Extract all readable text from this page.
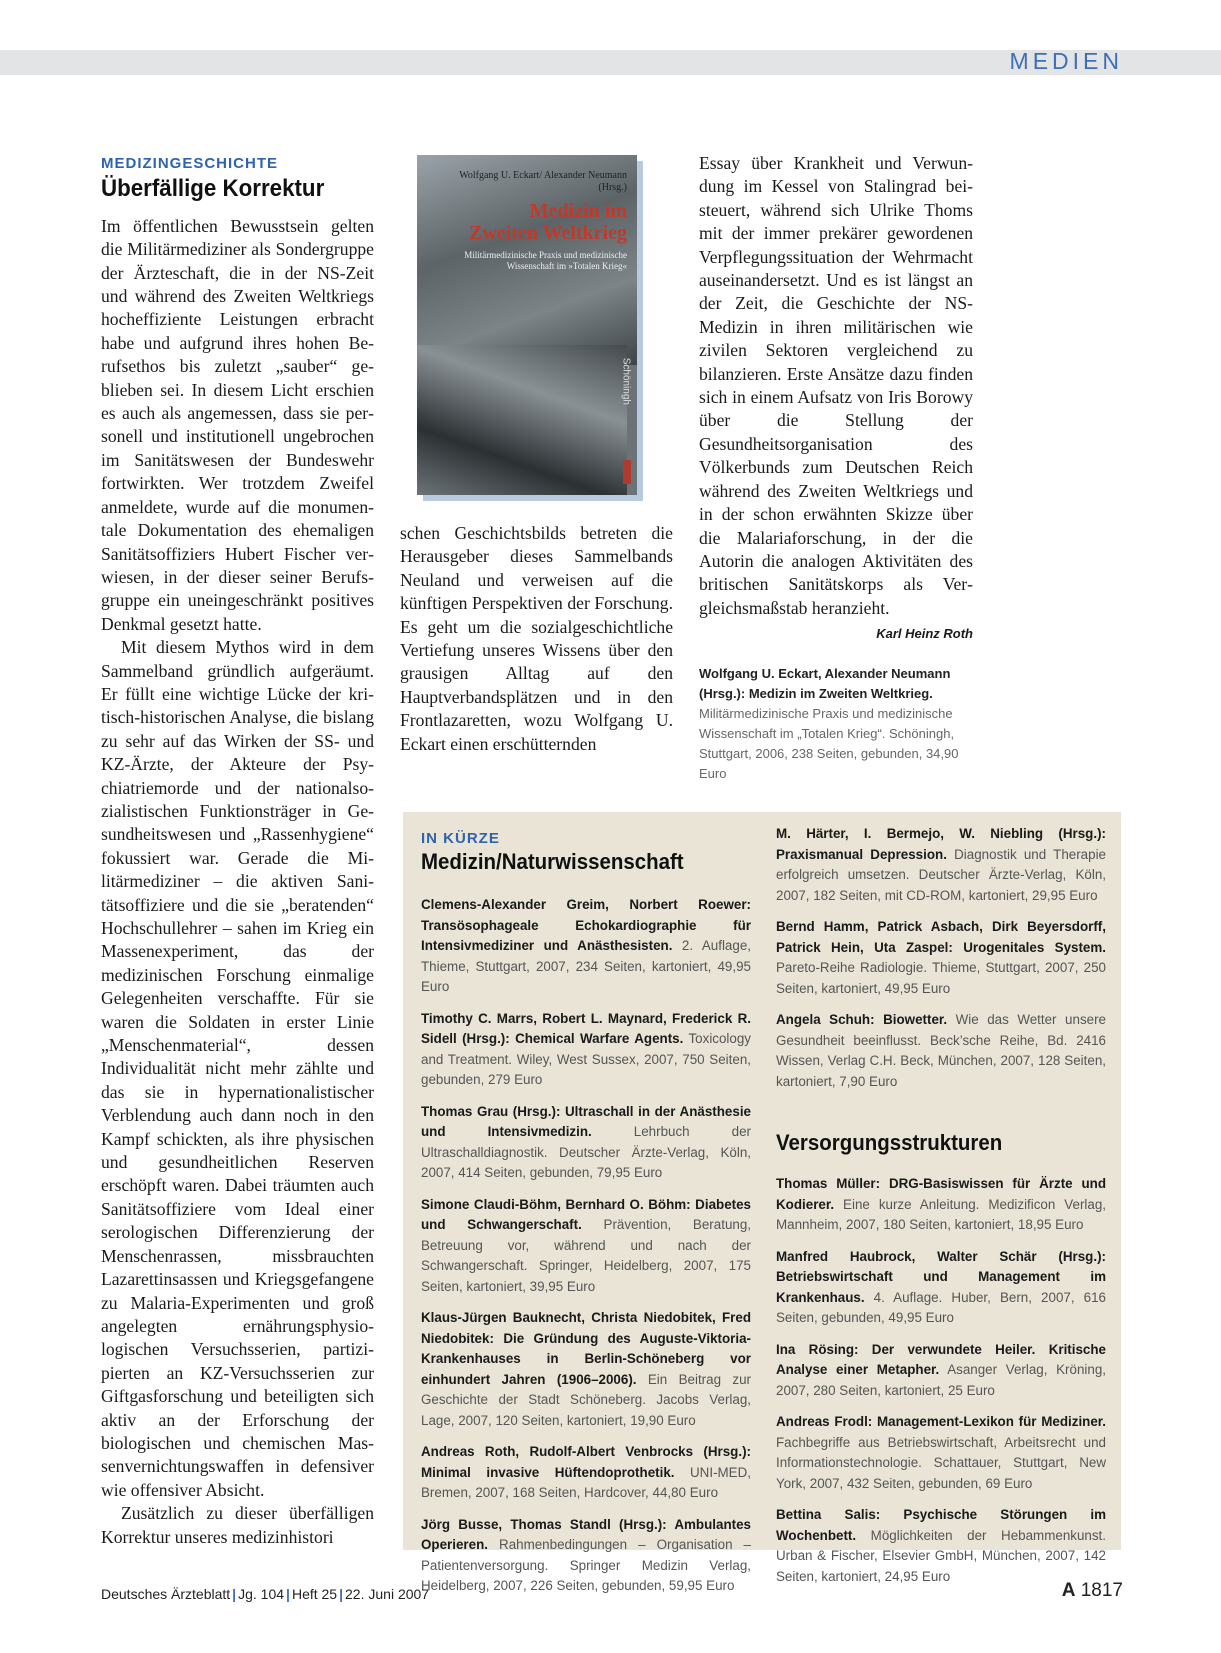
MEDIEN
MEDIZINGESCHICHTE
Überfällige Korrektur

Im öffentlichen Bewusstsein gelten die Militärmediziner als Sondergruppe der Ärzteschaft, die in der NS-Zeit und während des Zweiten Weltkriegs hocheffiziente Leistungen erbracht habe und aufgrund ihres hohen Berufsethos bis zuletzt „sauber“ geblieben sei. In diesem Licht erschien es auch als angemessen, dass sie personell und institutionell ungebrochen im Sanitätswesen der Bundeswehr fortwirkten. Wer trotzdem Zweifel anmeldete, wurde auf die monumentale Dokumentation des ehemaligen Sanitätsoffiziers Hubert Fischer verwiesen, in der dieser seiner Berufsgruppe ein uneingeschränkt positives Denkmal gesetzt hatte.

Mit diesem Mythos wird in dem Sammelband gründlich aufgeräumt. Er füllt eine wichtige Lücke der kritisch-historischen Analyse, die bislang zu sehr auf das Wirken der SS- und KZ-Ärzte, der Akteure der Psychiatriemorde und der nationalsozialistischen Funktionsträger in Gesundheitswesen und „Rassenhygiene“ fokussiert war. Gerade die Militärmediziner – die aktiven Sanitätsoffiziere und die sie „beratenden“ Hochschullehrer – sahen im Krieg ein Massenexperiment, das der medizinischen Forschung einmalige Gelegenheiten verschaffte. Für sie waren die Soldaten in erster Linie „Menschenmaterial“, dessen Individualität nicht mehr zählte und das sie in hypernationalistischer Verblendung auch dann noch in den Kampf schickten, als ihre physischen und gesundheitlichen Reserven erschöpft waren. Dabei träumten auch Sanitätsoffiziere vom Ideal einer serologischen Differenzierung der Menschenrassen, missbrauchten Lazarettinsassen und Kriegsgefangene zu Malaria-Experimenten und groß angelegten ernährungsphysiologischen Versuchsserien, partizipierten an KZ-Versuchsserien zur Giftgasforschung und beteiligten sich aktiv an der Erforschung der biologischen und chemischen Massenvernichtungswaffen in defensiver wie offensiver Absicht.

Zusätzlich zu dieser überfälligen Korrektur unseres medizinhistori

Wolfgang U. Eckart/ Alexander Neumann (Hrsg.)
Medizin im Zweiten Weltkrieg
Militärmedizinische Praxis und medizinische Wissenschaft im »Totalen Krieg«
Schöningh

schen Geschichtsbilds betreten die Herausgeber dieses Sammelbands Neuland und verweisen auf die künftigen Perspektiven der Forschung. Es geht um die sozialgeschichtliche Vertiefung unseres Wissens über den grausigen Alltag auf den Hauptverbandsplätzen und in den Frontlazaretten, wozu Wolfgang U. Eckart einen erschütternden

Essay über Krankheit und Verwundung im Kessel von Stalingrad beisteuert, während sich Ulrike Thoms mit der immer prekärer gewordenen Verpflegungssituation der Wehrmacht auseinandersetzt. Und es ist längst an der Zeit, die Geschichte der NS-Medizin in ihren militärischen wie zivilen Sektoren vergleichend zu bilanzieren. Erste Ansätze dazu finden sich in einem Aufsatz von Iris Borowy über die Stellung der Gesundheitsorganisation des Völkerbunds zum Deutschen Reich während des Zweiten Weltkriegs und in der schon erwähnten Skizze über die Malariaforschung, in der die Autorin die analogen Aktivitäten des britischen Sanitätskorps als Vergleichsmaßstab heranzieht.

Karl Heinz Roth
Wolfgang U. Eckart, Alexander Neumann (Hrsg.): Medizin im Zweiten Weltkrieg. Militärmedizinische Praxis und medizinische Wissenschaft im „Totalen Krieg“. Schöningh, Stuttgart, 2006, 238 Seiten, gebunden, 34,90 Euro
IN KÜRZE
Medizin/Naturwissenschaft
Clemens-Alexander Greim, Norbert Roewer: Transösophageale Echokardiographie für Intensivmediziner und Anästhesisten. 2. Auflage, Thieme, Stuttgart, 2007, 234 Seiten, kartoniert, 49,95 Euro
Timothy C. Marrs, Robert L. Maynard, Frederick R. Sidell (Hrsg.): Chemical Warfare Agents. Toxicology and Treatment. Wiley, West Sussex, 2007, 750 Seiten, gebunden, 279 Euro
Thomas Grau (Hrsg.): Ultraschall in der Anästhesie und Intensivmedizin. Lehrbuch der Ultraschalldiagnostik. Deutscher Ärzte-Verlag, Köln, 2007, 414 Seiten, gebunden, 79,95 Euro
Simone Claudi-Böhm, Bernhard O. Böhm: Diabetes und Schwangerschaft. Prävention, Beratung, Betreuung vor, während und nach der Schwangerschaft. Springer, Heidelberg, 2007, 175 Seiten, kartoniert, 39,95 Euro
Klaus-Jürgen Bauknecht, Christa Niedobitek, Fred Niedobitek: Die Gründung des Auguste-Viktoria-Krankenhauses in Berlin-Schöneberg vor einhundert Jahren (1906–2006). Ein Beitrag zur Geschichte der Stadt Schöneberg. Jacobs Verlag, Lage, 2007, 120 Seiten, kartoniert, 19,90 Euro
Andreas Roth, Rudolf-Albert Venbrocks (Hrsg.): Minimal invasive Hüftendoprothetik. UNI-MED, Bremen, 2007, 168 Seiten, Hardcover, 44,80 Euro
Jörg Busse, Thomas Standl (Hrsg.): Ambulantes Operieren. Rahmenbedingungen – Organisation – Patientenversorgung. Springer Medizin Verlag, Heidelberg, 2007, 226 Seiten, gebunden, 59,95 Euro
M. Härter, I. Bermejo, W. Niebling (Hrsg.): Praxismanual Depression. Diagnostik und Therapie erfolgreich umsetzen. Deutscher Ärzte-Verlag, Köln, 2007, 182 Seiten, mit CD-ROM, kartoniert, 29,95 Euro
Bernd Hamm, Patrick Asbach, Dirk Beyersdorff, Patrick Hein, Uta Zaspel: Urogenitales System. Pareto-Reihe Radiologie. Thieme, Stuttgart, 2007, 250 Seiten, kartoniert, 49,95 Euro
Angela Schuh: Biowetter. Wie das Wetter unsere Gesundheit beeinflusst. Beck’sche Reihe, Bd. 2416 Wissen, Verlag C.H. Beck, München, 2007, 128 Seiten, kartoniert, 7,90 Euro
Versorgungsstrukturen
Thomas Müller: DRG-Basiswissen für Ärzte und Kodierer. Eine kurze Anleitung. Medizificon Verlag, Mannheim, 2007, 180 Seiten, kartoniert, 18,95 Euro
Manfred Haubrock, Walter Schär (Hrsg.): Betriebswirtschaft und Management im Krankenhaus. 4. Auflage. Huber, Bern, 2007, 616 Seiten, gebunden, 49,95 Euro
Ina Rösing: Der verwundete Heiler. Kritische Analyse einer Metapher. Asanger Verlag, Kröning, 2007, 280 Seiten, kartoniert, 25 Euro
Andreas Frodl: Management-Lexikon für Mediziner. Fachbegriffe aus Betriebswirtschaft, Arbeitsrecht und Informationstechnologie. Schattauer, Stuttgart, New York, 2007, 432 Seiten, gebunden, 69 Euro
Bettina Salis: Psychische Störungen im Wochenbett. Möglichkeiten der Hebammenkunst. Urban & Fischer, Elsevier GmbH, München, 2007, 142 Seiten, kartoniert, 24,95 Euro
Deutsches Ärzteblatt | Jg. 104 | Heft 25 | 22. Juni 2007	A 1817
